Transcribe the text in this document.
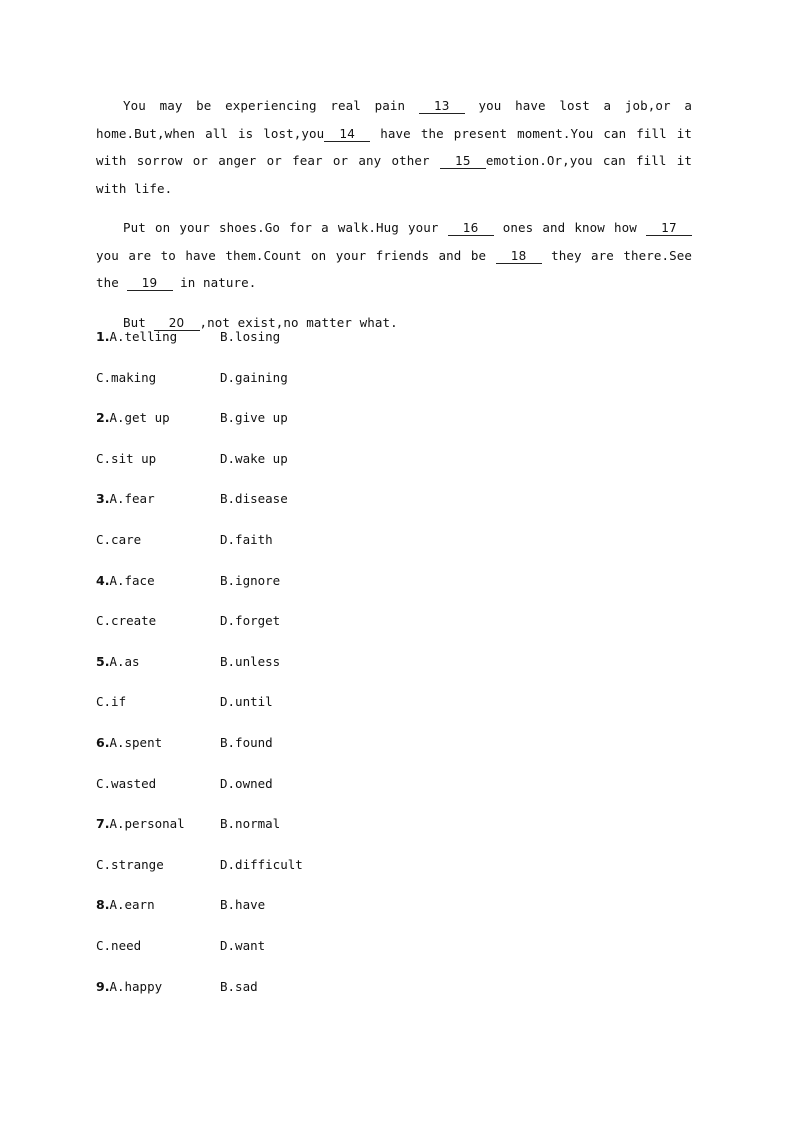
You may be experiencing real pain 13 you have lost a job,or a home.But,when all is lost,you 14 have the present moment.You can fill it with sorrow or anger or fear or any other 15 emotion.Or,you can fill it with life.

Put on your shoes.Go for a walk.Hug your 16 ones and know how 17 you are to have them.Count on your friends and be 18 they are there.See the 19 in nature.

But 20 ,not exist,no matter what.

1.A.telling	B.losing
C.making	D.gaining
2.A.get up	B.give up
C.sit up	D.wake up
3.A.fear	B.disease
C.care	D.faith
4.A.face	B.ignore
C.create	D.forget
5.A.as	B.unless
C.if	D.until
6.A.spent	B.found
C.wasted	D.owned
7.A.personal	B.normal
C.strange	D.difficult
8.A.earn	B.have
C.need	D.want
9.A.happy	B.sad
